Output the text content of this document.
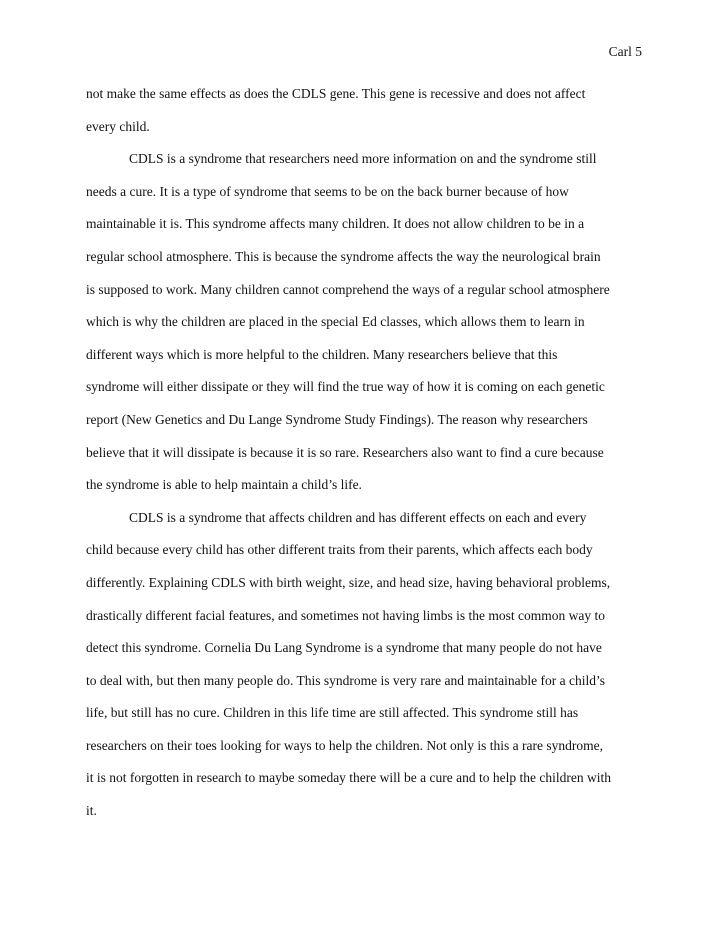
Carl 5
not make the same effects as does the CDLS gene. This gene is recessive and does not affect
every child.
CDLS is a syndrome that researchers need more information on and the syndrome still
needs a cure. It is a type of syndrome that seems to be on the back burner because of how
maintainable it is. This syndrome affects many children. It does not allow children to be in a
regular school atmosphere. This is because the syndrome affects the way the neurological brain
is supposed to work. Many children cannot comprehend the ways of a regular school atmosphere
which is why the children are placed in the special Ed classes, which allows them to learn in
different ways which is more helpful to the children. Many researchers believe that this
syndrome will either dissipate or they will find the true way of how it is coming on each genetic
report (New Genetics and Du Lange Syndrome Study Findings). The reason why researchers
believe that it will dissipate is because it is so rare. Researchers also want to find a cure because
the syndrome is able to help maintain a child’s life.
CDLS is a syndrome that affects children and has different effects on each and every
child because every child has other different traits from their parents, which affects each body
differently. Explaining CDLS with birth weight, size, and head size, having behavioral problems,
drastically different facial features, and sometimes not having limbs is the most common way to
detect this syndrome. Cornelia Du Lang Syndrome is a syndrome that many people do not have
to deal with, but then many people do. This syndrome is very rare and maintainable for a child’s
life, but still has no cure. Children in this life time are still affected. This syndrome still has
researchers on their toes looking for ways to help the children. Not only is this a rare syndrome,
it is not forgotten in research to maybe someday there will be a cure and to help the children with
it.
